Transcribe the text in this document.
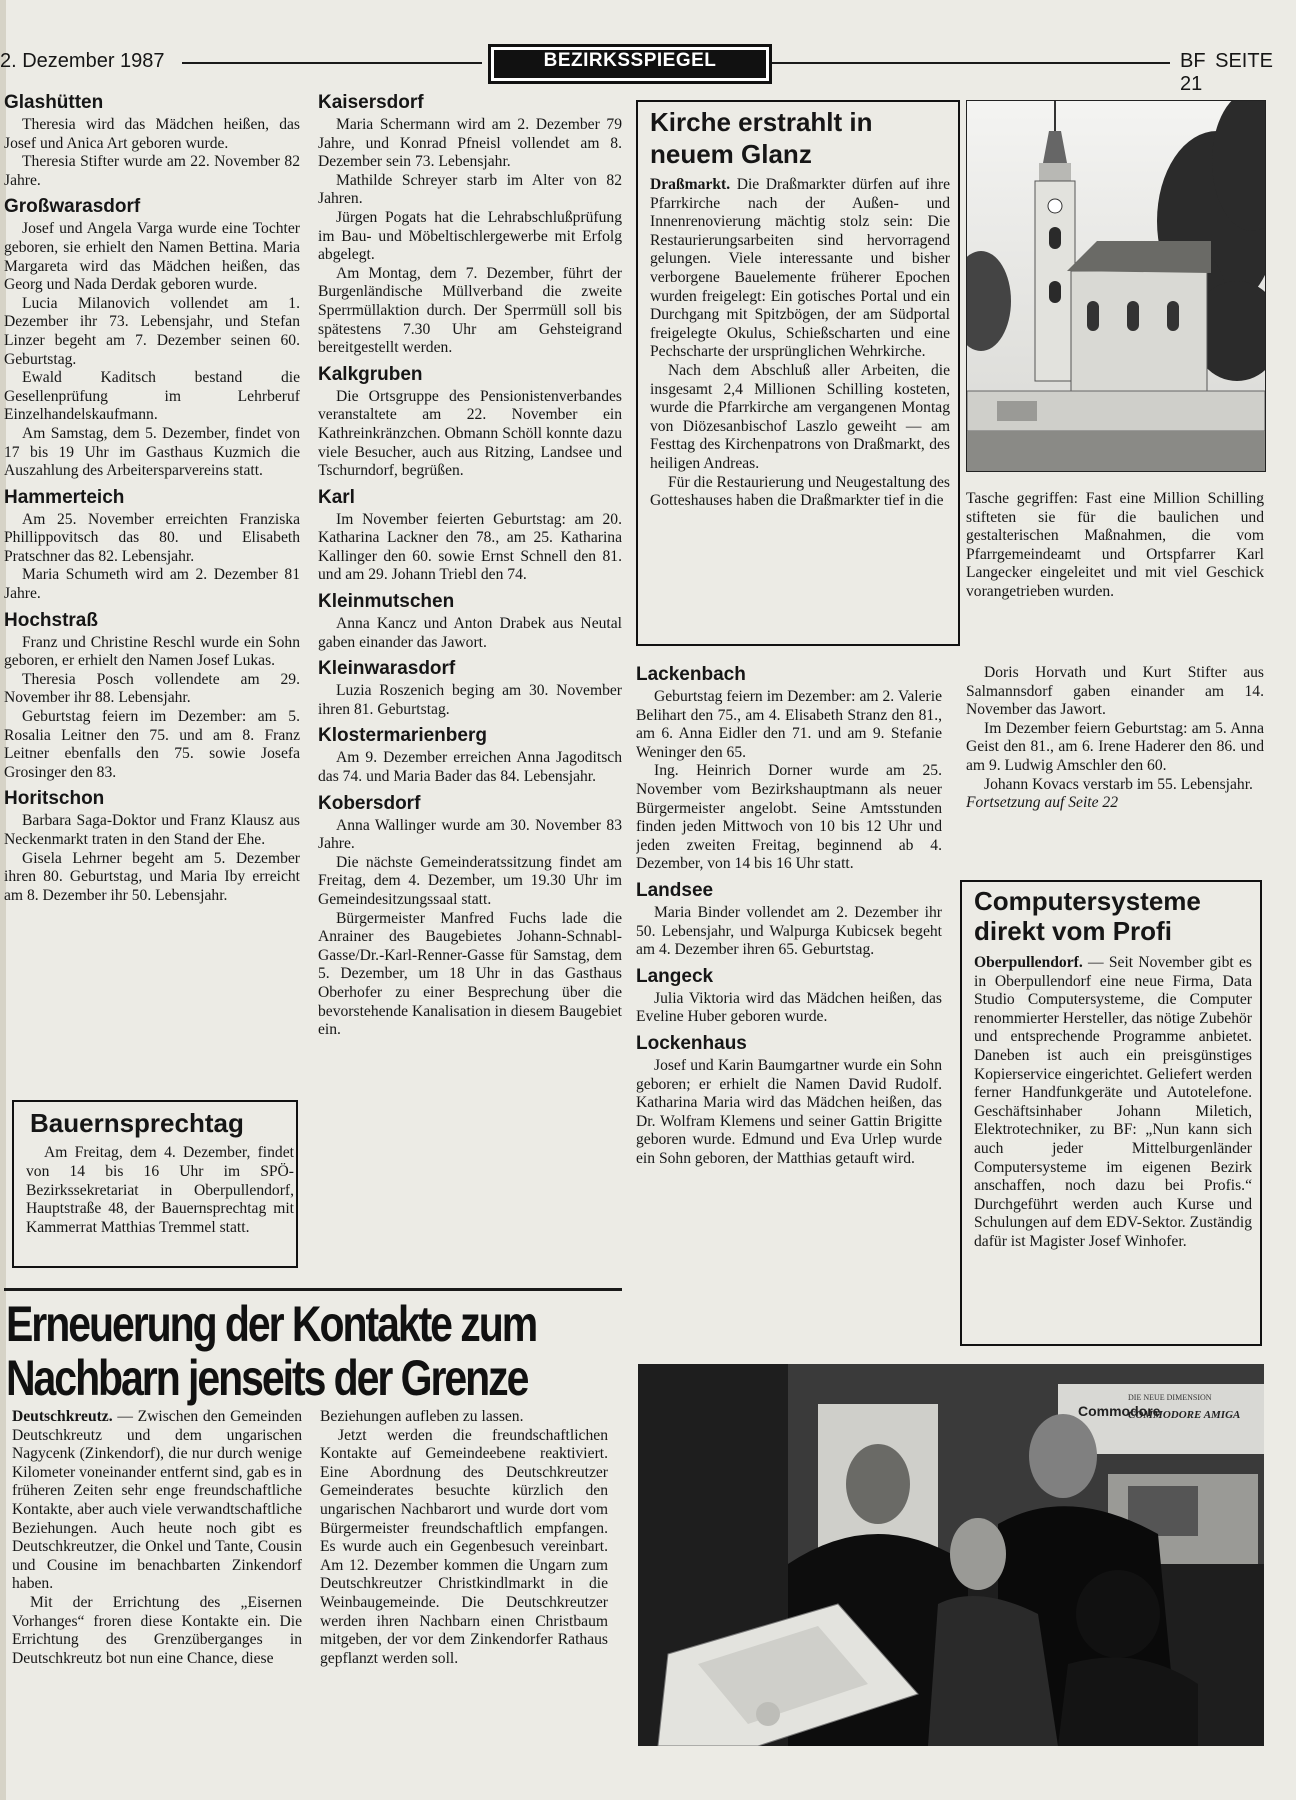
2. Dezember 1987	BEZIRKSSPIEGEL	BF SEITE 21
Glashütten

Theresia wird das Mädchen heißen, das Josef und Anica Art geboren wurde.

Theresia Stifter wurde am 22. November 82 Jahre.

Großwarasdorf

Josef und Angela Varga wurde eine Tochter geboren, sie erhielt den Namen Bettina. Maria Margareta wird das Mädchen heißen, das Georg und Nada Derdak geboren wurde.

Lucia Milanovich vollendet am 1. Dezember ihr 73. Lebensjahr, und Stefan Linzer begeht am 7. Dezember seinen 60. Geburtstag.

Ewald Kaditsch bestand die Gesellenprüfung im Lehrberuf Einzelhandelskaufmann.

Am Samstag, dem 5. Dezember, findet von 17 bis 19 Uhr im Gasthaus Kuzmich die Auszahlung des Arbeitersparvereins statt.

Hammerteich

Am 25. November erreichten Franziska Phillippovitsch das 80. und Elisabeth Pratschner das 82. Lebensjahr.

Maria Schumeth wird am 2. Dezember 81 Jahre.

Hochstraß

Franz und Christine Reschl wurde ein Sohn geboren, er erhielt den Namen Josef Lukas.

Theresia Posch vollendete am 29. November ihr 88. Lebensjahr.

Geburtstag feiern im Dezember: am 5. Rosalia Leitner den 75. und am 8. Franz Leitner ebenfalls den 75. sowie Josefa Grosinger den 83.

Horitschon

Barbara Saga-Doktor und Franz Klausz aus Neckenmarkt traten in den Stand der Ehe.

Gisela Lehrner begeht am 5. Dezember ihren 80. Geburtstag, und Maria Iby erreicht am 8. Dezember ihr 50. Lebensjahr.

Bauernsprechtag

Am Freitag, dem 4. Dezember, findet von 14 bis 16 Uhr im SPÖ-Bezirkssekretariat in Oberpullendorf, Hauptstraße 48, der Bauernsprechtag mit Kammerrat Matthias Tremmel statt.

Kaisersdorf

Maria Schermann wird am 2. Dezember 79 Jahre, und Konrad Pfneisl vollendet am 8. Dezember sein 73. Lebensjahr.

Mathilde Schreyer starb im Alter von 82 Jahren.

Jürgen Pogats hat die Lehrabschlußprüfung im Bau- und Möbeltischlergewerbe mit Erfolg abgelegt.

Am Montag, dem 7. Dezember, führt der Burgenländische Müllverband die zweite Sperrmüllaktion durch. Der Sperrmüll soll bis spätestens 7.30 Uhr am Gehsteigrand bereitgestellt werden.

Kalkgruben

Die Ortsgruppe des Pensionistenverbandes veranstaltete am 22. November ein Kathreinkränzchen. Obmann Schöll konnte dazu viele Besucher, auch aus Ritzing, Landsee und Tschurndorf, begrüßen.

Karl

Im November feierten Geburtstag: am 20. Katharina Lackner den 78., am 25. Katharina Kallinger den 60. sowie Ernst Schnell den 81. und am 29. Johann Triebl den 74.

Kleinmutschen

Anna Kancz und Anton Drabek aus Neutal gaben einander das Jawort.

Kleinwarasdorf

Luzia Roszenich beging am 30. November ihren 81. Geburtstag.

Klostermarienberg

Am 9. Dezember erreichen Anna Jagoditsch das 74. und Maria Bader das 84. Lebensjahr.

Kobersdorf

Anna Wallinger wurde am 30. November 83 Jahre.

Die nächste Gemeinderatssitzung findet am Freitag, dem 4. Dezember, um 19.30 Uhr im Gemeindesitzungssaal statt.

Bürgermeister Manfred Fuchs lade die Anrainer des Baugebietes Johann-Schnabl-Gasse/Dr.-Karl-Renner-Gasse für Samstag, dem 5. Dezember, um 18 Uhr in das Gasthaus Oberhofer zu einer Besprechung über die bevorstehende Kanalisation in diesem Baugebiet ein.

Kirche erstrahlt in neuem Glanz

Draßmarkt. Die Draßmarkter dürfen auf ihre Pfarrkirche nach der Außen- und Innenrenovierung mächtig stolz sein: Die Restaurierungsarbeiten sind hervorragend gelungen. Viele interessante und bisher verborgene Bauelemente früherer Epochen wurden freigelegt: Ein gotisches Portal und ein Durchgang mit Spitzbögen, der am Südportal freigelegte Okulus, Schießscharten und eine Pechscharte der ursprünglichen Wehrkirche.

Nach dem Abschluß aller Arbeiten, die insgesamt 2,4 Millionen Schilling kosteten, wurde die Pfarrkirche am vergangenen Montag von Diözesanbischof Laszlo geweiht — am Festtag des Kirchenpatrons von Draßmarkt, des heiligen Andreas.

Für die Restaurierung und Neugestaltung des Gotteshauses haben die Draßmarkter tief in die	Tasche gegriffen: Fast eine Million Schilling stifteten sie für die baulichen und gestalterischen Maßnahmen, die vom Pfarrgemeindeamt und Ortspfarrer Karl Langecker eingeleitet und mit viel Geschick vorangetrieben wurden.

Lackenbach

Geburtstag feiern im Dezember: am 2. Valerie Belihart den 75., am 4. Elisabeth Stranz den 81., am 6. Anna Eidler den 71. und am 9. Stefanie Weninger den 65.

Ing. Heinrich Dorner wurde am 25. November vom Bezirkshauptmann als neuer Bürgermeister angelobt. Seine Amtsstunden finden jeden Mittwoch von 10 bis 12 Uhr und jeden zweiten Freitag, beginnend ab 4. Dezember, von 14 bis 16 Uhr statt.

Landsee

Maria Binder vollendet am 2. Dezember ihr 50. Lebensjahr, und Walpurga Kubicsek begeht am 4. Dezember ihren 65. Geburtstag.

Langeck

Julia Viktoria wird das Mädchen heißen, das Eveline Huber geboren wurde.

Lockenhaus

Josef und Karin Baumgartner wurde ein Sohn geboren; er erhielt die Namen David Rudolf. Katharina Maria wird das Mädchen heißen, das Dr. Wolfram Klemens und seiner Gattin Brigitte geboren wurde. Edmund und Eva Urlep wurde ein Sohn geboren, der Matthias getauft wird.

Doris Horvath und Kurt Stifter aus Salmannsdorf gaben einander am 14. November das Jawort.

Im Dezember feiern Geburtstag: am 5. Anna Geist den 81., am 6. Irene Haderer den 86. und am 9. Ludwig Amschler den 60.

Johann Kovacs verstarb im 55. Lebensjahr.

Fortsetzung auf Seite 22

Computersysteme direkt vom Profi

Oberpullendorf. — Seit November gibt es in Oberpullendorf eine neue Firma, Data Studio Computersysteme, die Computer renommierter Hersteller, das nötige Zubehör und entsprechende Programme anbietet. Daneben ist auch ein preisgünstiges Kopierservice eingerichtet. Geliefert werden ferner Handfunkgeräte und Autotelefone. Geschäftsinhaber Johann Miletich, Elektrotechniker, zu BF: „Nun kann sich auch jeder Mittelburgenländer Computersysteme im eigenen Bezirk anschaffen, noch dazu bei Profis.“ Durchgeführt werden auch Kurse und Schulungen auf dem EDV-Sektor. Zuständig dafür ist Magister Josef Winhofer.

Erneuerung der Kontakte zum
Nachbarn jenseits der Grenze

Deutschkreutz. — Zwischen den Gemeinden Deutschkreutz und dem ungarischen Nagycenk (Zinkendorf), die nur durch wenige Kilometer voneinander entfernt sind, gab es in früheren Zeiten sehr enge freundschaftliche Kontakte, aber auch viele verwandtschaftliche Beziehungen. Auch heute noch gibt es Deutschkreutzer, die Onkel und Tante, Cousin und Cousine im benachbarten Zinkendorf haben.

Mit der Errichtung des „Eisernen Vorhanges“ froren diese Kontakte ein. Die Errichtung des Grenzüberganges in Deutschkreutz bot nun eine Chance, diese

Beziehungen aufleben zu lassen.

Jetzt werden die freundschaftlichen Kontakte auf Gemeindeebene reaktiviert. Eine Abordnung des Deutschkreutzer Gemeinderates besuchte kürzlich den ungarischen Nachbarort und wurde dort vom Bürgermeister freundschaftlich empfangen. Es wurde auch ein Gegenbesuch vereinbart. Am 12. Dezember kommen die Ungarn zum Deutschkreutzer Christkindlmarkt in die Weinbaugemeinde. Die Deutschkreutzer werden ihren Nachbarn einen Christbaum mitgeben, der vor dem Zinkendorfer Rathaus gepflanzt werden soll.

Commodore
DIE NEUE DIMENSION
COMMODORE AMIGA
